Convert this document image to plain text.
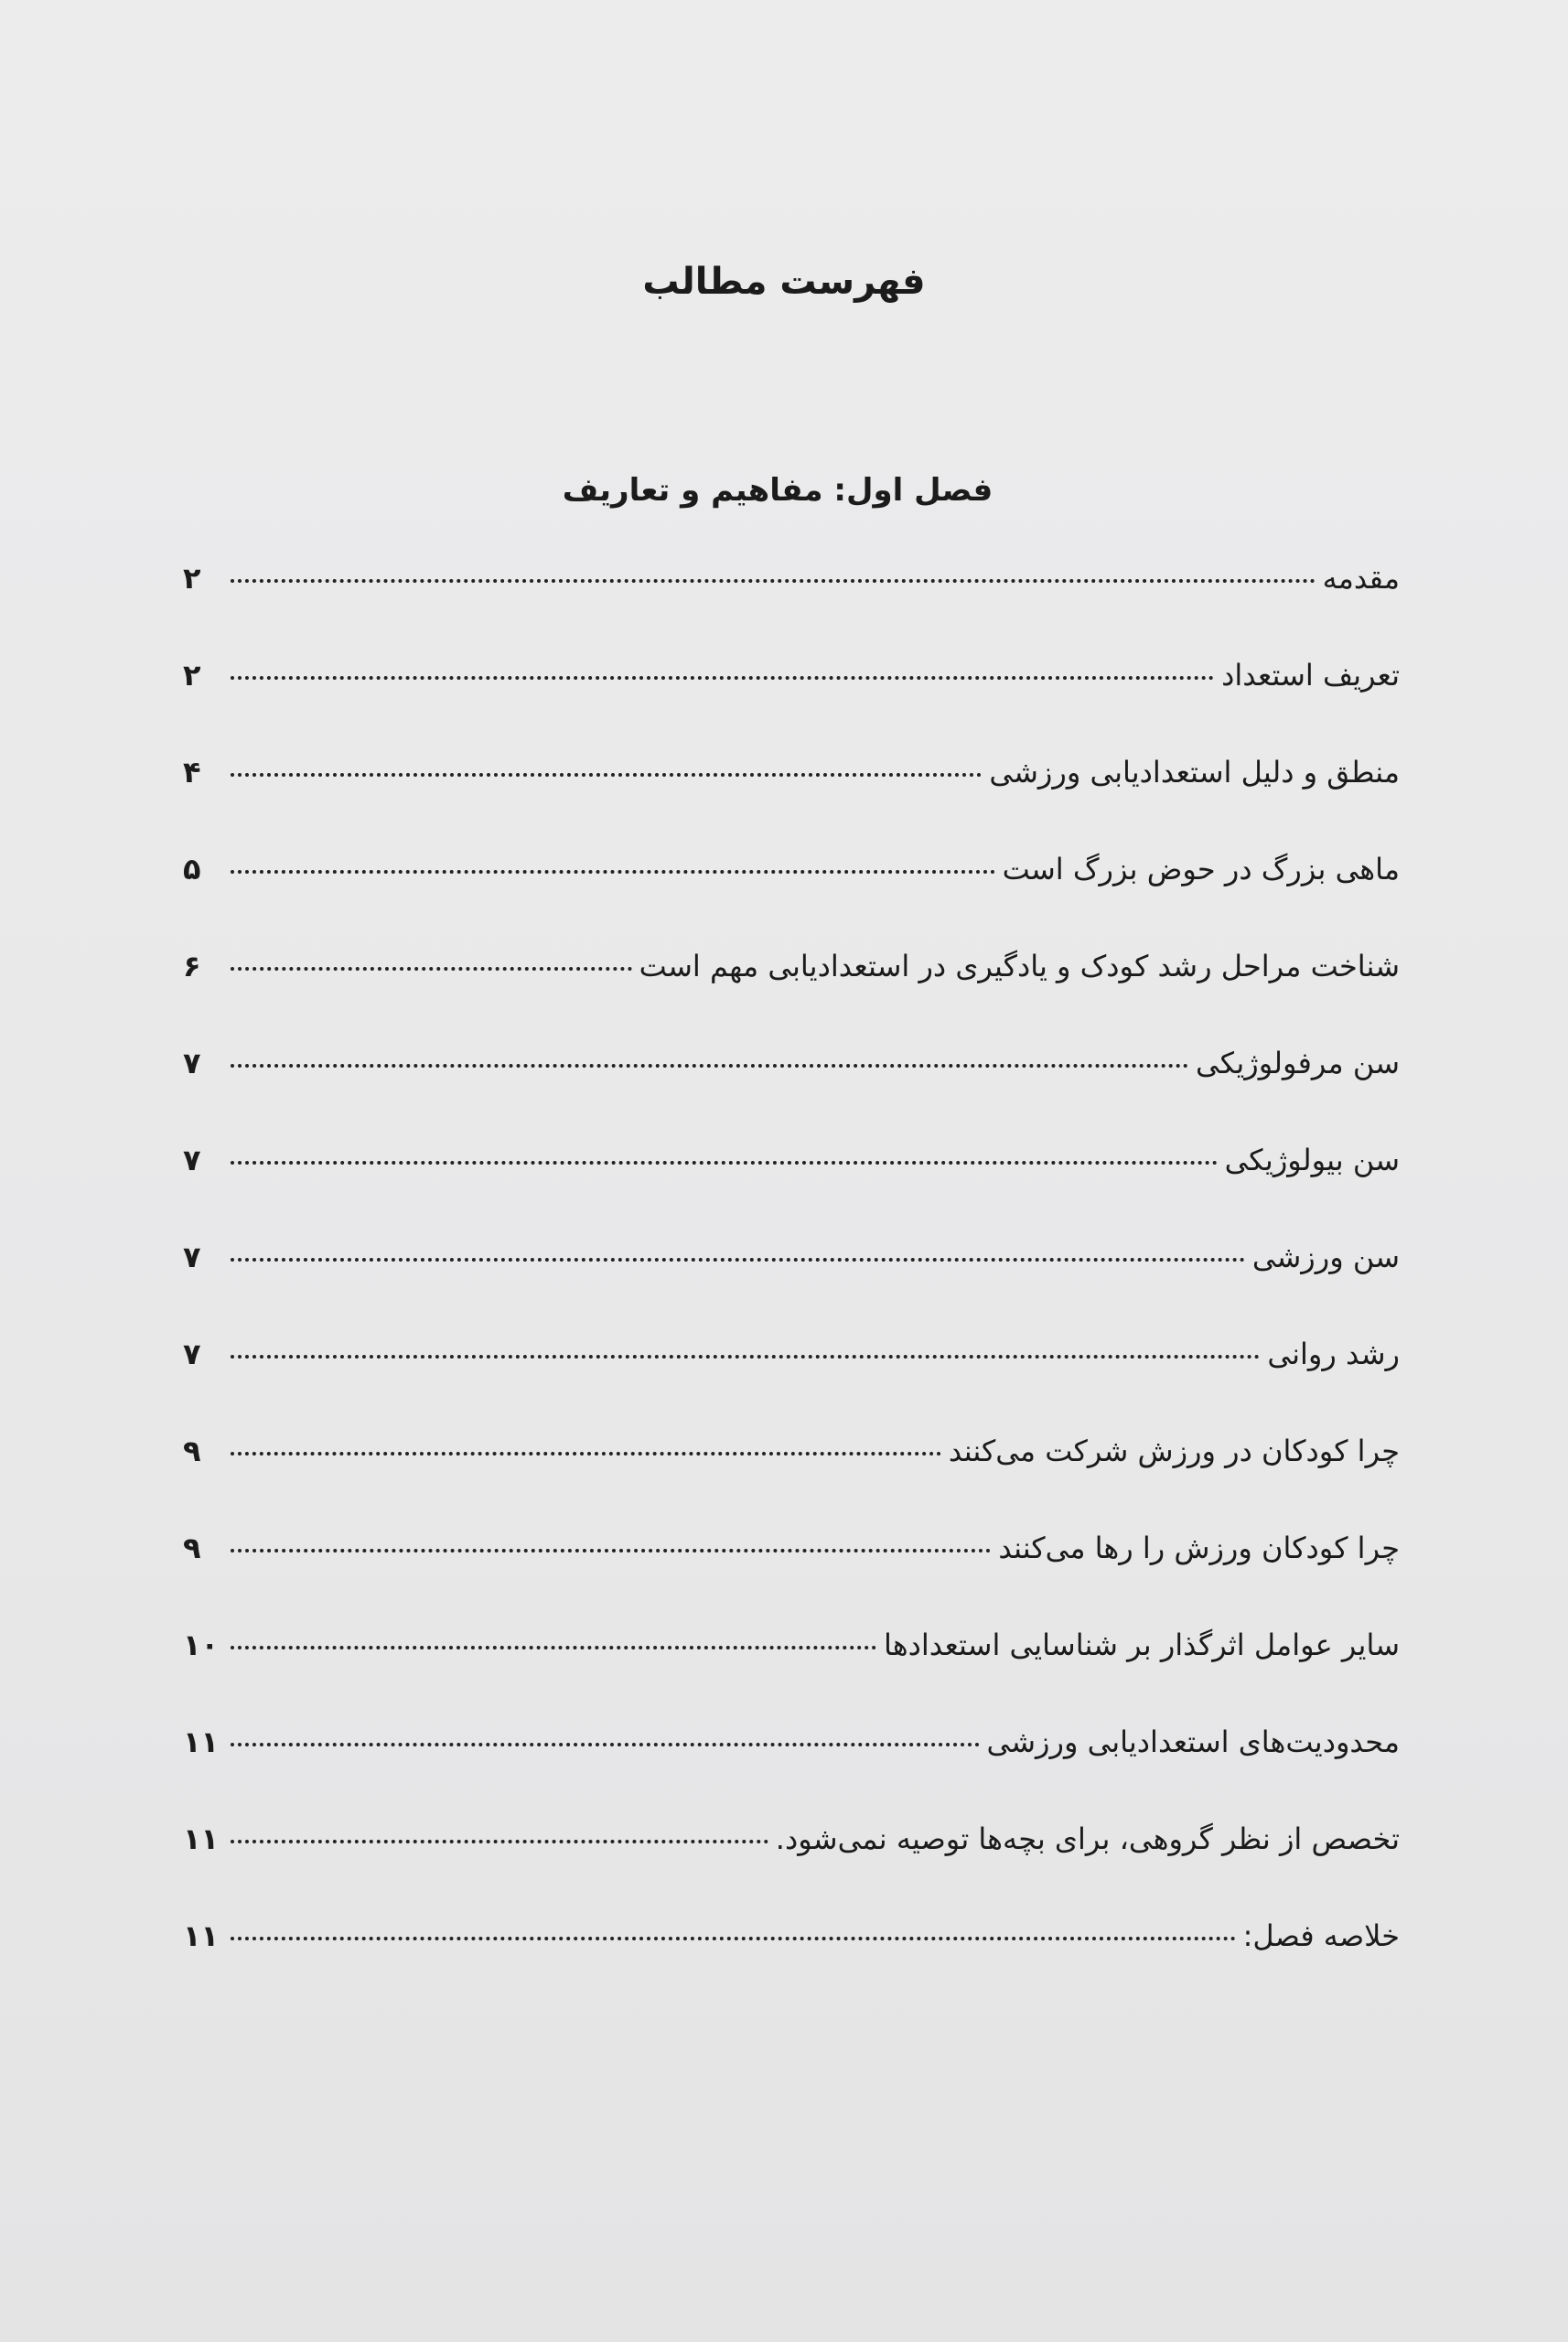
فهرست مطالب
فصل اول: مفاهیم و تعاریف
مقدمه
۲
تعریف استعداد
۲
منطق و دلیل استعدادیابی ورزشی
۴
ماهی بزرگ در حوض بزرگ است
۵
شناخت مراحل رشد کودک و یادگیری در استعدادیابی مهم است
۶
سن مرفولوژیکی
۷
سن بیولوژیکی
۷
سن ورزشی
۷
رشد روانی
۷
چرا کودکان در ورزش شرکت می‌کنند
۹
چرا کودکان ورزش را رها می‌کنند
۹
سایر عوامل اثرگذار بر شناسایی استعدادها
۱۰
محدودیت‌های استعدادیابی ورزشی
۱۱
تخصص از نظر گروهی، برای بچه‌ها توصیه نمی‌شود.
۱۱
خلاصه فصل:
۱۱
